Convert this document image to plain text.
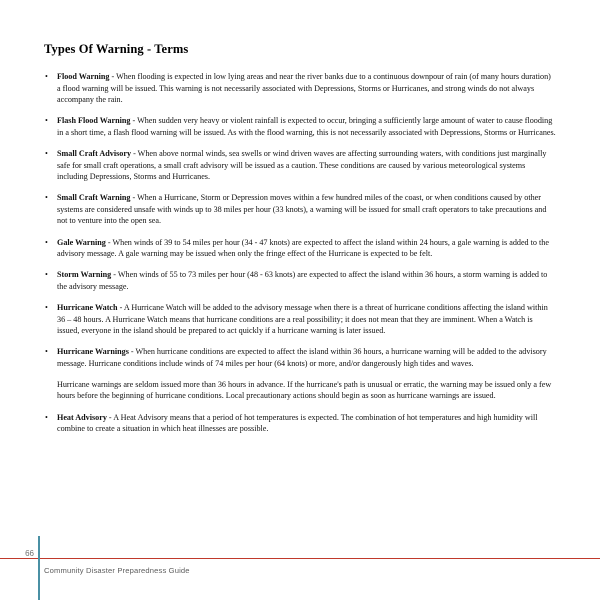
Types Of Warning - Terms
• Flood Warning - When flooding is expected in low lying areas and near the river banks due to a continuous downpour of rain (of many hours duration) a flood warning will be issued. This warning is not necessarily associated with Depressions, Storms or Hurricanes, and strong winds do not always accompany the rain.
• Flash Flood Warning - When sudden very heavy or violent rainfall is expected to occur, bringing a sufficiently large amount of water to cause flooding in a short time, a flash flood warning will be issued. As with the flood warning, this is not necessarily associated with Depressions, Storms or Hurricanes.
• Small Craft Advisory - When above normal winds, sea swells or wind driven waves are affecting surrounding waters, with conditions just marginally safe for small craft operations, a small craft advisory will be issued as a caution. These conditions are caused by various meteorological systems including Depressions, Storms and Hurricanes.
• Small Craft Warning - When a Hurricane, Storm or Depression moves within a few hundred miles of the coast, or when conditions caused by other systems are considered unsafe with winds up to 38 miles per hour (33 knots), a warning will be issued for small craft operators to take precautions and not to venture into the open sea.
• Gale Warning - When winds of 39 to 54 miles per hour (34 - 47 knots) are expected to affect the island within 24 hours, a gale warning is added to the advisory message. A gale warning may be issued when only the fringe effect of the Hurricane is expected to be felt.
• Storm Warning - When winds of 55 to 73 miles per hour (48 - 63 knots) are expected to affect the island within 36 hours, a storm warning is added to the advisory message.
• Hurricane Watch - A Hurricane Watch will be added to the advisory message when there is a threat of hurricane conditions affecting the island within 36 – 48 hours. A Hurricane Watch means that hurricane conditions are a real possibility; it does not mean that they are imminent. When a Watch is issued, everyone in the island should be prepared to act quickly if a hurricane warning is later issued.
• Hurricane Warnings - When hurricane conditions are expected to affect the island within 36 hours, a hurricane warning will be added to the advisory message. Hurricane conditions include winds of 74 miles per hour (64 knots) or more, and/or dangerously high tides and waves.

Hurricane warnings are seldom issued more than 36 hours in advance. If the hurricane's path is unusual or erratic, the warning may be issued only a few hours before the beginning of hurricane conditions. Local precautionary actions should begin as soon as hurricane warnings are issued.

• Heat Advisory - A Heat Advisory means that a period of hot temperatures is expected. The combination of hot temperatures and high humidity will combine to create a situation in which heat illnesses are possible.
66
Community Disaster Preparedness Guide
